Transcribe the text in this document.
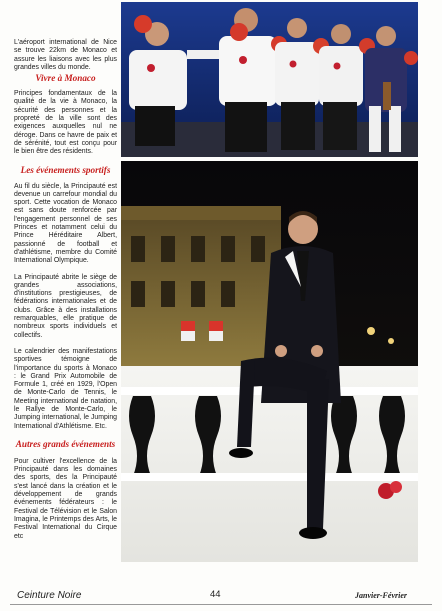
L'aéroport international de Nice se trouve 22km de Monaco et assure les liaisons avec les plus grandes villes du monde.

Vivre à Monaco

Principes fondamentaux de la qualité de la vie à Monaco, la sécurité des personnes et la propreté de la ville sont des exigences auxquelles nul ne déroge. Dans ce havre de paix et de sérénité, tout est conçu pour le bien être des résidents.

Les événements sportifs

Au fil du siècle, la Principauté est devenue un carrefour mondial du sport. Cette vocation de Monaco est sans doute renforcée par l'engagement personnel de ses Princes et notamment celui du Prince Héréditaire Albert, passionné de football et d'athlétisme, membre du Comité International Olympique.

La Principauté abrite le siège de grandes associations, d'institutions prestigieuses, de fédérations internationales et de clubs. Grâce à des installations remarquables, elle pratique de nombreux sports individuels et collectifs.

Le calendrier des manifestations sportives témoigne de l'importance du sports à Monaco : le Grand Prix Automobile de Formule 1, créé en 1929, l'Open de Monte-Carlo de Tennis, le Meeting international de natation, le Rallye de Monte-Carlo, le Jumping international, le Jumping International d'Athlétisme. Etc.

Autres grands événements

Pour cultiver l'excellence de la Principauté dans les domaines des sports, des la Principauté s'est lancé dans la création et le développement de grands événements fédérateurs : le Festival de Télévision et le Salon Imagina, le Printemps des Arts, le Festival International du Cirque etc

Ceinture Noire	44	Janvier-Février
